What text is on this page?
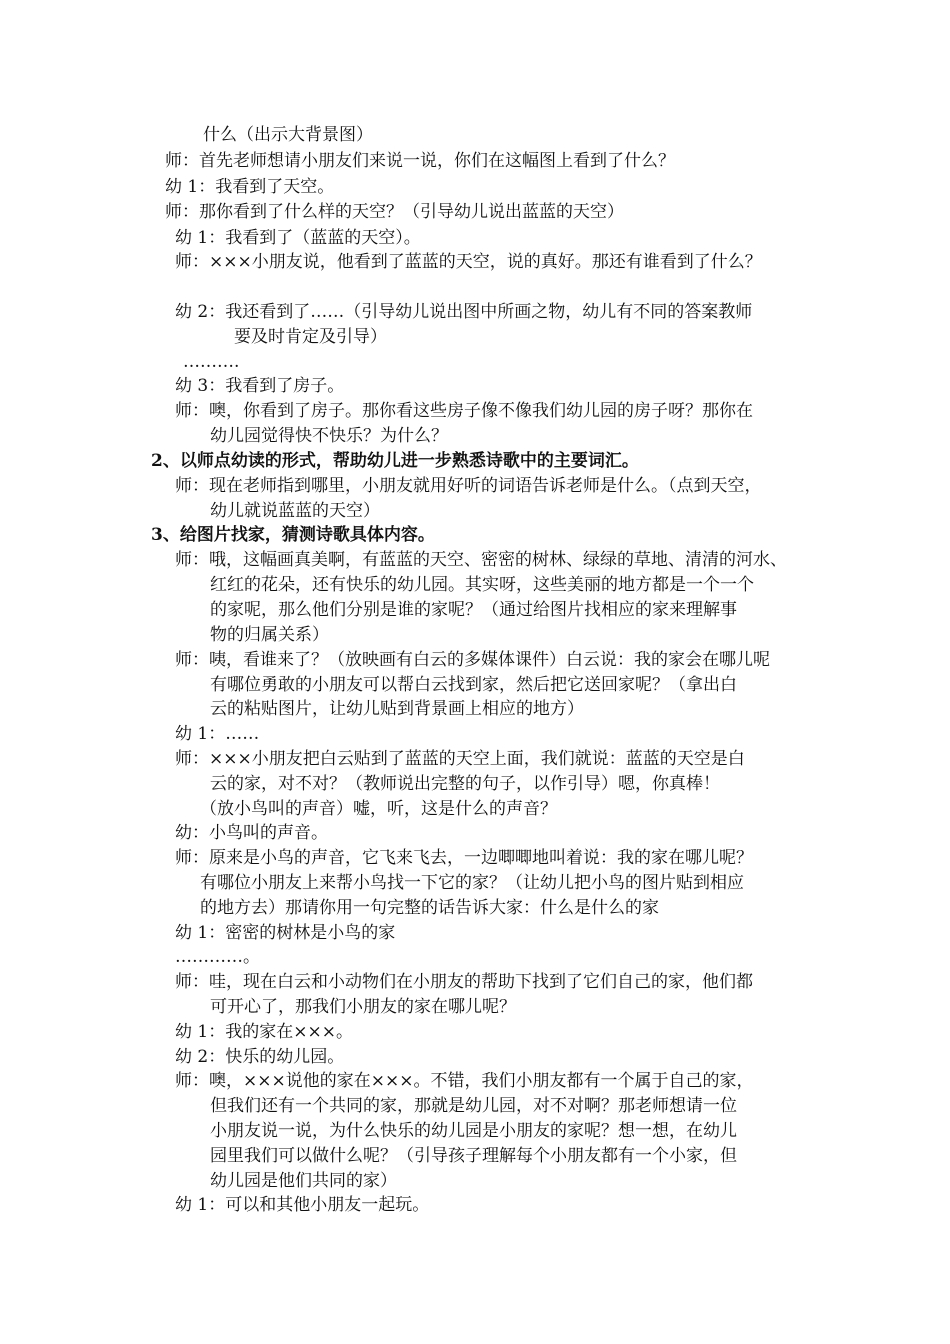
什么（出示大背景图）
师：首先老师想请小朋友们来说一说，你们在这幅图上看到了什么？
幼 1：我看到了天空。
师：那你看到了什么样的天空？（引导幼儿说出蓝蓝的天空）
幼 1：我看到了（蓝蓝的天空）。
师：×××小朋友说，他看到了蓝蓝的天空，说的真好。那还有谁看到了什么？
幼 2：我还看到了……（引导幼儿说出图中所画之物，幼儿有不同的答案教师
要及时肯定及引导）
……….
幼 3：我看到了房子。
师：噢，你看到了房子。那你看这些房子像不像我们幼儿园的房子呀？那你在
幼儿园觉得快不快乐？为什么？
2、以师点幼读的形式，帮助幼儿进一步熟悉诗歌中的主要词汇。
师：现在老师指到哪里，小朋友就用好听的词语告诉老师是什么。（点到天空，
幼儿就说蓝蓝的天空）
3、给图片找家，猜测诗歌具体内容。
师：哦，这幅画真美啊，有蓝蓝的天空、密密的树林、绿绿的草地、清清的河水、
红红的花朵，还有快乐的幼儿园。其实呀，这些美丽的地方都是一个一个
的家呢，那么他们分别是谁的家呢？（通过给图片找相应的家来理解事
物的归属关系）
师：咦，看谁来了？（放映画有白云的多媒体课件）白云说：我的家会在哪儿呢
有哪位勇敢的小朋友可以帮白云找到家，然后把它送回家呢？（拿出白
云的粘贴图片，让幼儿贴到背景画上相应的地方）
幼 1：……
师：×××小朋友把白云贴到了蓝蓝的天空上面，我们就说：蓝蓝的天空是白
云的家，对不对？（教师说出完整的句子，以作引导）嗯，你真棒！
（放小鸟叫的声音）嘘，听，这是什么的声音？
幼：小鸟叫的声音。
师：原来是小鸟的声音，它飞来飞去，一边唧唧地叫着说：我的家在哪儿呢？
有哪位小朋友上来帮小鸟找一下它的家？（让幼儿把小鸟的图片贴到相应
的地方去）那请你用一句完整的话告诉大家：什么是什么的家
幼 1：密密的树林是小鸟的家
…………。
师：哇，现在白云和小动物们在小朋友的帮助下找到了它们自己的家，他们都
可开心了，那我们小朋友的家在哪儿呢？
幼 1：我的家在×××。
幼 2：快乐的幼儿园。
师：噢，×××说他的家在×××。不错，我们小朋友都有一个属于自己的家，
但我们还有一个共同的家，那就是幼儿园，对不对啊？那老师想请一位
小朋友说一说，为什么快乐的幼儿园是小朋友的家呢？想一想，在幼儿
园里我们可以做什么呢？（引导孩子理解每个小朋友都有一个小家，但
幼儿园是他们共同的家）
幼 1：可以和其他小朋友一起玩。
